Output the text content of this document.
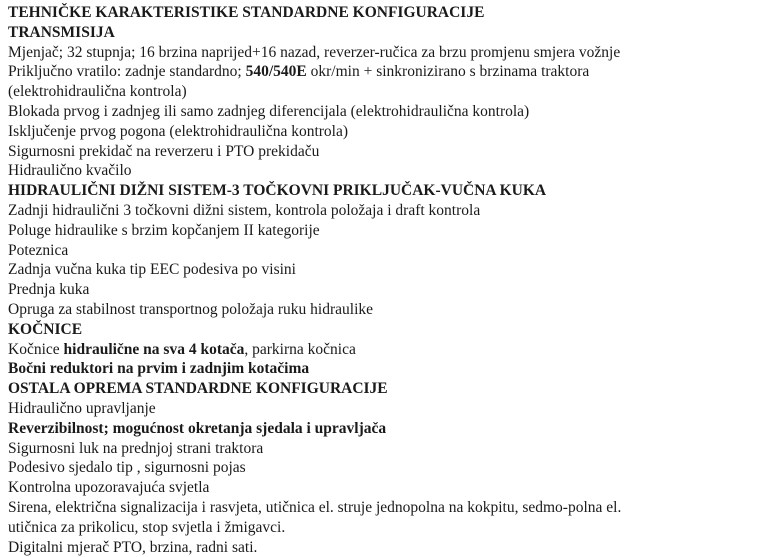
TEHNIČKE KARAKTERISTIKE STANDARDNE KONFIGURACIJE

TRANSMISIJA

Mjenjač; 32 stupnja; 16 brzina naprijed+16 nazad, reverzer-ručica za brzu promjenu smjera vožnje

Priključno vratilo: zadnje standardno; 540/540E okr/min + sinkronizirano s brzinama traktora

(elektrohidraulična kontrola)

Blokada prvog i zadnjeg ili samo zadnjeg diferencijala (elektrohidraulična kontrola)

Isključenje prvog pogona (elektrohidraulična kontrola)

Sigurnosni prekidač na reverzeru i PTO prekidaču

Hidraulično kvačilo

HIDRAULIČNI DIŽNI SISTEM-3 TOČKOVNI PRIKLJUČAK-VUČNA KUKA

Zadnji hidraulični 3 točkovni dižni sistem, kontrola položaja i draft kontrola

Poluge hidraulike s brzim kopčanjem II kategorije

Poteznica

Zadnja vučna kuka tip EEC podesiva po visini

Prednja kuka

Opruga za stabilnost transportnog položaja ruku hidraulike

KOČNICE

Kočnice hidraulične na sva 4 kotača, parkirna kočnica

Bočni reduktori na prvim i zadnjim kotačima

OSTALA OPREMA STANDARDNE KONFIGURACIJE

Hidraulično upravljanje

Reverzibilnost; mogućnost okretanja sjedala i upravljača

Sigurnosni luk na prednjoj strani traktora

Podesivo sjedalo tip , sigurnosni pojas

Kontrolna upozoravajuća svjetla

Sirena, električna signalizacija i rasvjeta, utičnica el. struje jednopolna na kokpitu, sedmo-polna el.

utičnica za prikolicu, stop svjetla i žmigavci.

Digitalni mjerač PTO, brzina, radni sati.
